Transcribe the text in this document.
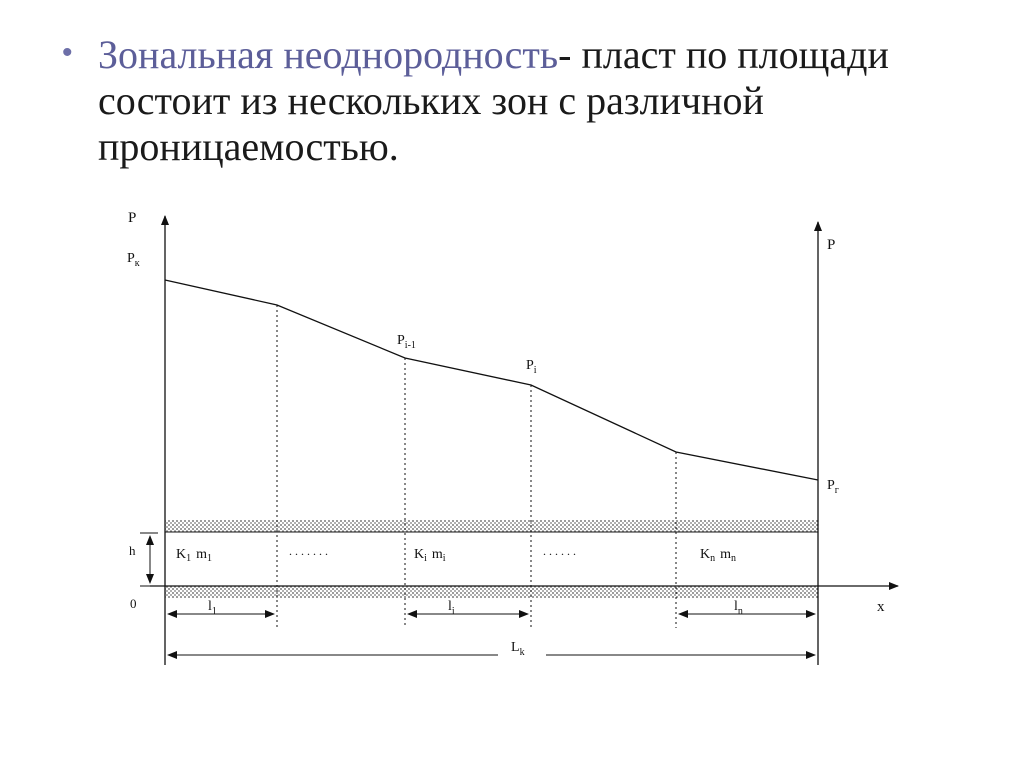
• Зональная неоднородность- пласт по площади состоит из нескольких зон с различной проницаемостью.
P
P
x
0
h
$P_к$
$P_{i-1}$
$P_i$
$P_г$
$K_1$ $m_1$	$K_i$ $m_i$	$K_n$ $m_n$
. . . . . . .	. . . . . .
$l_1$	$l_i$	$l_n$
$L_k$
